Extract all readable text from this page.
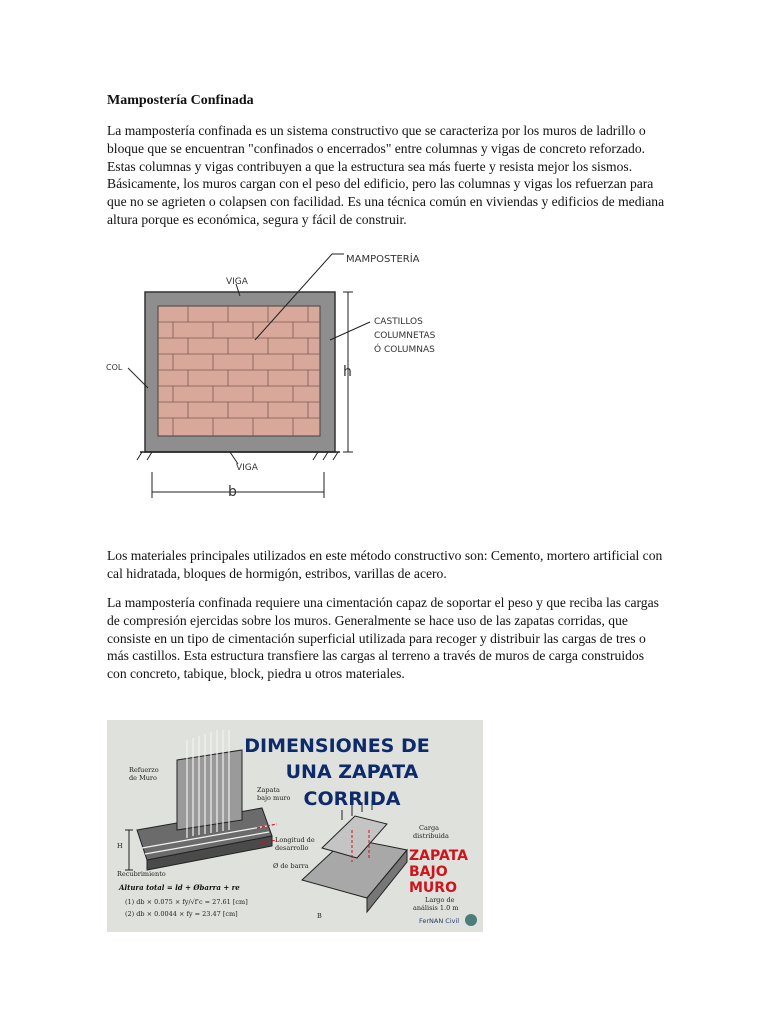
Mampostería Confinada

La mampostería confinada es un sistema constructivo que se caracteriza por los muros de ladrillo o bloque que se encuentran "confinados o encerrados" entre columnas y vigas de concreto reforzado. Estas columnas y vigas contribuyen a que la estructura sea más fuerte y resista mejor los sismos. Básicamente, los muros cargan con el peso del edificio, pero las columnas y vigas los refuerzan para que no se agrieten o colapsen con facilidad. Es una técnica común en viviendas y edificios de mediana altura porque es económica, segura y fácil de construir.

MAMPOSTERÍA
VIGA
CASTILLOS
COLUMNETAS
Ó COLUMNAS
COL	h
VIGA
b

Los materiales principales utilizados en este método constructivo son: Cemento, mortero artificial con cal hidratada, bloques de hormigón, estribos, varillas de acero.

La mampostería confinada requiere una cimentación capaz de soportar el peso y que reciba las cargas de compresión ejercidas sobre los muros. Generalmente se hace uso de las zapatas corridas, que consiste en un tipo de cimentación superficial utilizada para recoger y distribuir las cargas de tres o más castillos. Esta estructura transfiere las cargas al terreno a través de muros de carga construidos con concreto, tabique, block, piedra u otros materiales.

DIMENSIONES DE
UNA ZAPATA
CORRIDA
ZAPATA
BAJO
MURO
Refuerzo
de Muro
Zapata
bajo muro
Longitud de
desarrollo
Ø de barra
H
Recubrimiento
Carga
distribuida
Largo de
análisis 1.0 m
B
(1) db × 0.075 × fy/√f'c = 27.61 [cm]
(2) db × 0.0044 × fy = 23.47 [cm]
FerNAN Civil
Altura total = ld + Øbarra + re
